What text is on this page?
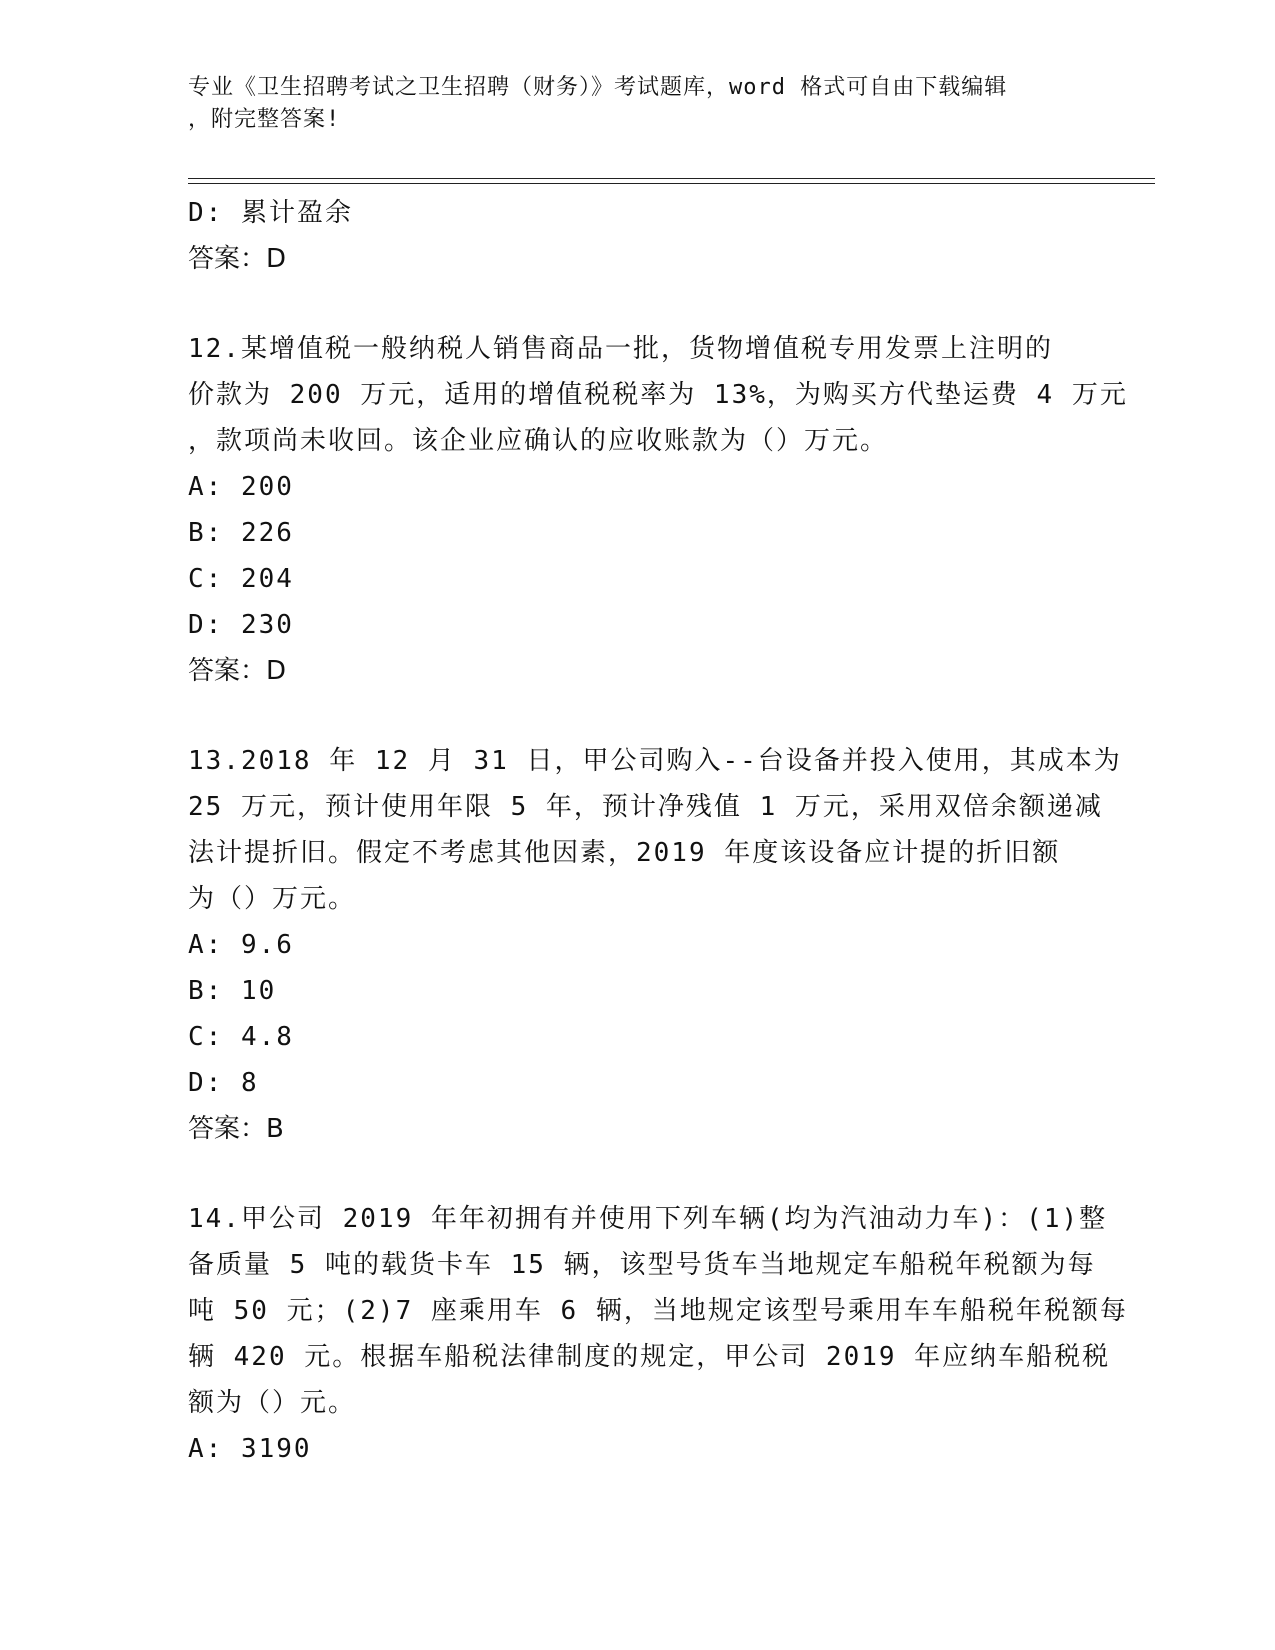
专业《卫生招聘考试之卫生招聘（财务）》考试题库，word 格式可自由下载编辑
，附完整答案!
D: 累计盈余
答案：D
12.某增值税一般纳税人销售商品一批，货物增值税专用发票上注明的
价款为 200 万元，适用的增值税税率为 13%，为购买方代垫运费 4 万元
，款项尚未收回。该企业应确认的应收账款为（）万元。
A: 200
B: 226
C: 204
D: 230
答案：D
13.2018 年 12 月 31 日，甲公司购入--台设备并投入使用，其成本为
25 万元，预计使用年限 5 年，预计净残值 1 万元，采用双倍余额递减
法计提折旧。假定不考虑其他因素，2019 年度该设备应计提的折旧额
为（）万元。
A: 9.6
B: 10
C: 4.8
D: 8
答案：B
14.甲公司 2019 年年初拥有并使用下列车辆(均为汽油动力车)：(1)整
备质量 5 吨的载货卡车 15 辆，该型号货车当地规定车船税年税额为每
吨 50 元；(2)7 座乘用车 6 辆，当地规定该型号乘用车车船税年税额每
辆 420 元。根据车船税法律制度的规定，甲公司 2019 年应纳车船税税
额为（）元。
A: 3190
